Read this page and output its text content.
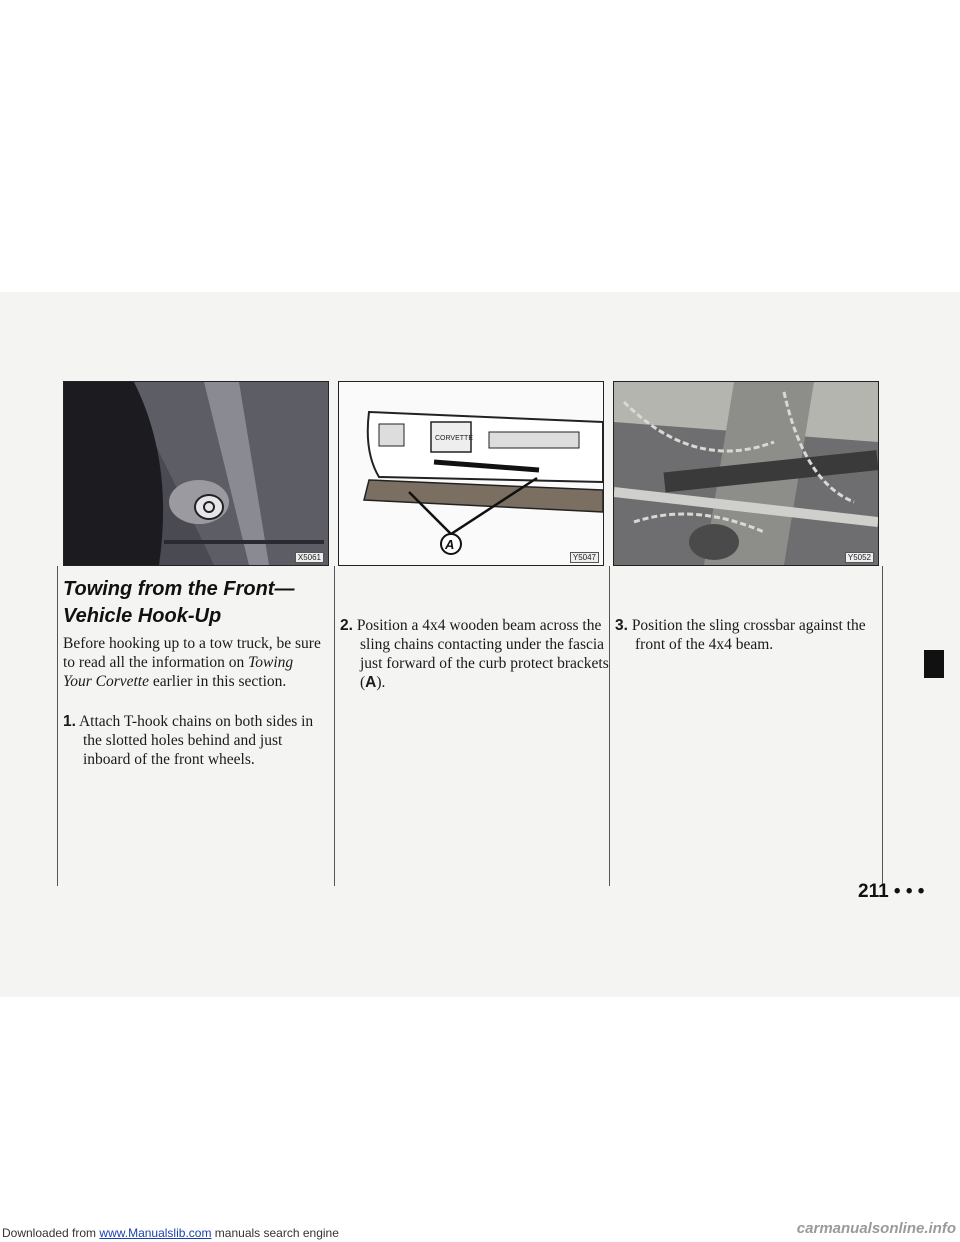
X5061
CORVETTE
A
Y5047	Y5052
Towing from the Front—
Vehicle Hook-Up

Before hooking up to a tow truck, be sure to read all the information on Towing Your Corvette earlier in this section.

1. Attach T-hook chains on both sides in the slotted holes behind and just inboard of the front wheels.

2. Position a 4x4 wooden beam across the sling chains contacting under the fascia just forward of the curb protect brackets (A).

3. Position the sling crossbar against the front of the 4x4 beam.

211 • • •
Downloaded from www.Manualslib.com manuals search engine	carmanualsonline.info
